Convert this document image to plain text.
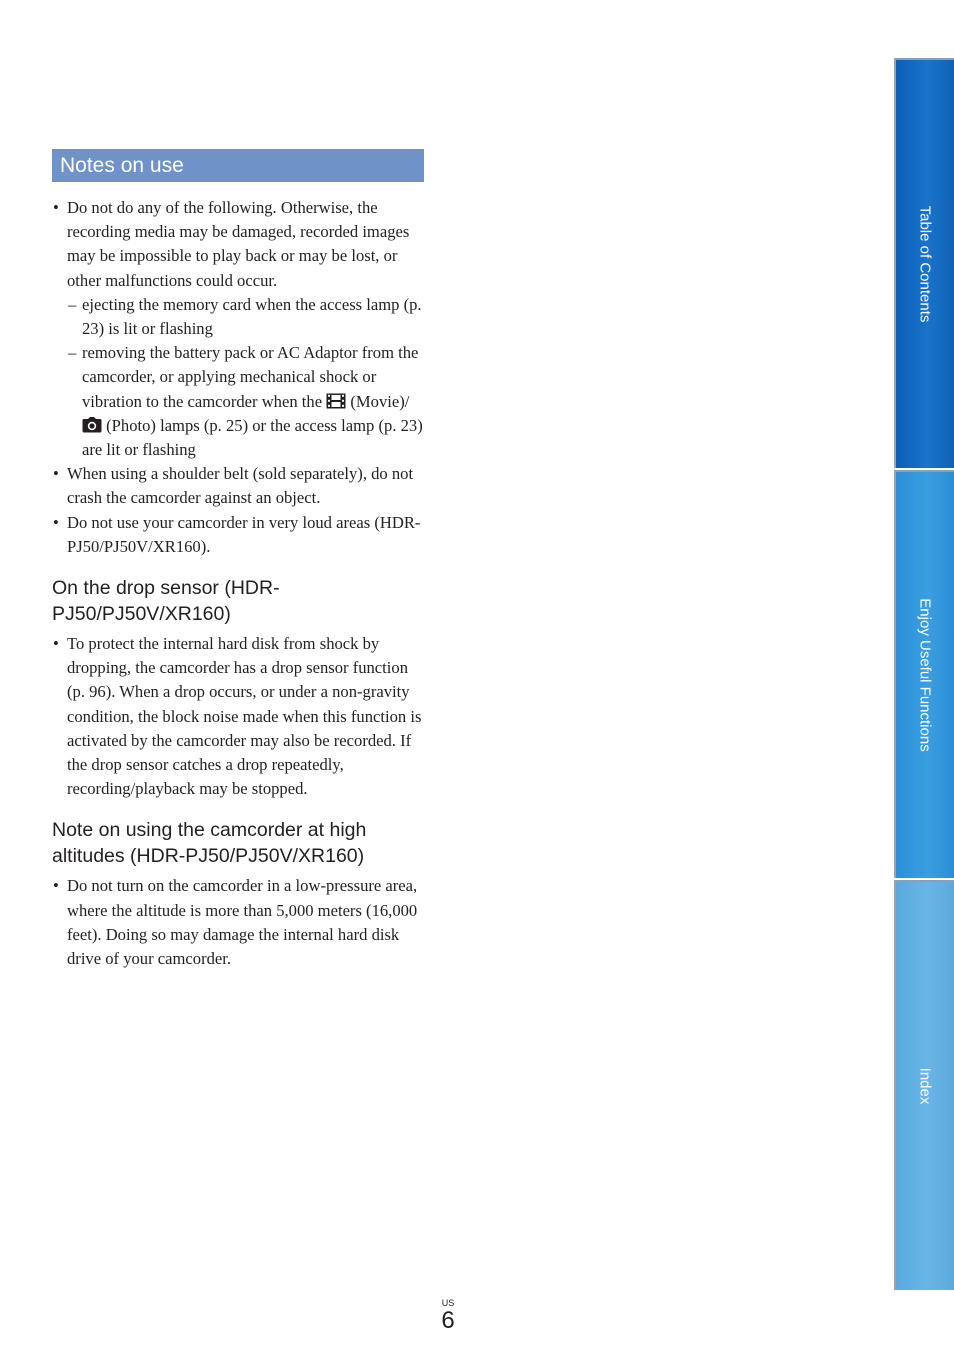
Notes on use
• Do not do any of the following. Otherwise, the recording media may be damaged, recorded images may be impossible to play back or may be lost, or other malfunctions could occur.
– ejecting the memory card when the access lamp (p. 23) is lit or flashing
– removing the battery pack or AC Adaptor from the camcorder, or applying mechanical shock or vibration to the camcorder when the  (Movie)/ (Photo) lamps (p. 25) or the access lamp (p. 23) are lit or flashing
• When using a shoulder belt (sold separately), do not crash the camcorder against an object.
• Do not use your camcorder in very loud areas (HDR-PJ50/PJ50V/XR160).
On the drop sensor (HDR-PJ50/PJ50V/XR160)
• To protect the internal hard disk from shock by dropping, the camcorder has a drop sensor function (p. 96). When a drop occurs, or under a non-gravity condition, the block noise made when this function is activated by the camcorder may also be recorded. If the drop sensor catches a drop repeatedly, recording/playback may be stopped.
Note on using the camcorder at high altitudes (HDR-PJ50/PJ50V/XR160)
• Do not turn on the camcorder in a low-pressure area, where the altitude is more than 5,000 meters (16,000 feet). Doing so may damage the internal hard disk drive of your camcorder.
Table of Contents
Enjoy Useful Functions
Index
US
6
